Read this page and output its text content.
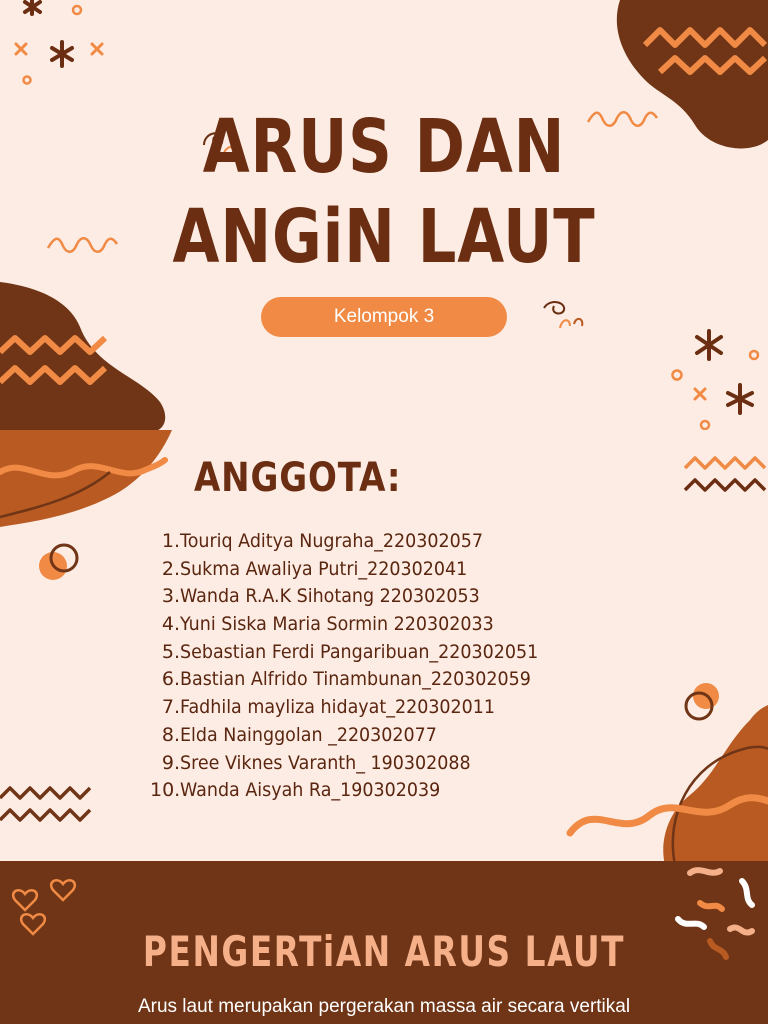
ARUS DAN
ANGiN LAUT
Kelompok 3
ANGGOTA:
1.Touriq Aditya Nugraha_220302057
2.Sukma Awaliya Putri_220302041
3.Wanda R.A.K Sihotang 220302053
4.Yuni Siska Maria Sormin 220302033
5.Sebastian Ferdi Pangaribuan_220302051
6.Bastian Alfrido Tinambunan_220302059
7.Fadhila mayliza hidayat_220302011
8.Elda Nainggolan _220302077
9.Sree Viknes Varanth_ 190302088
10.Wanda Aisyah Ra_190302039
PENGERTiAN ARUS LAUT
Arus laut merupakan pergerakan massa air secara vertikal
